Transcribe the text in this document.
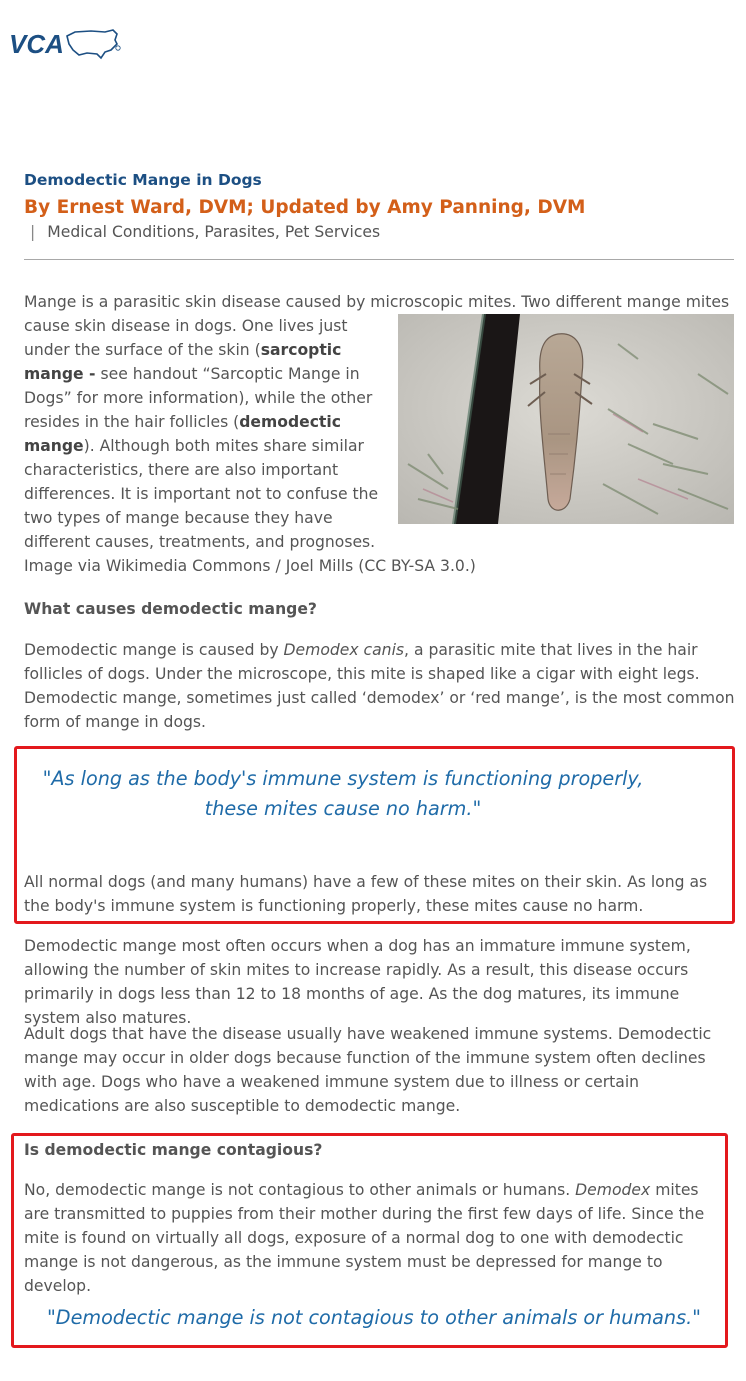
VCA
Demodectic Mange in Dogs
By Ernest Ward, DVM; Updated by Amy Panning, DVM
| Medical Conditions, Parasites, Pet Services
Mange is a parasitic skin disease caused by microscopic mites. Two different mange mites

cause skin disease in dogs. One lives just under the surface of the skin (sarcoptic mange - see handout “Sarcoptic Mange in Dogs” for more information), while the other resides in the hair follicles (demodectic mange). Although both mites share similar characteristics, there are also important differences. It is important not to confuse the two types of mange because they have different causes, treatments, and prognoses.

Image via Wikimedia Commons / Joel Mills (CC BY-SA 3.0.)
What causes demodectic mange?

Demodectic mange is caused by Demodex canis, a parasitic mite that lives in the hair follicles of dogs. Under the microscope, this mite is shaped like a cigar with eight legs. Demodectic mange, sometimes just called ‘demodex’ or ‘red mange’, is the most common form of mange in dogs.

"As long as the body's immune system is functioning properly, these mites cause no harm."

All normal dogs (and many humans) have a few of these mites on their skin. As long as the body's immune system is functioning properly, these mites cause no harm.

Demodectic mange most often occurs when a dog has an immature immune system, allowing the number of skin mites to increase rapidly. As a result, this disease occurs primarily in dogs less than 12 to 18 months of age. As the dog matures, its immune system also matures.

Adult dogs that have the disease usually have weakened immune systems. Demodectic mange may occur in older dogs because function of the immune system often declines with age. Dogs who have a weakened immune system due to illness or certain medications are also susceptible to demodectic mange.

Is demodectic mange contagious?

No, demodectic mange is not contagious to other animals or humans. Demodex mites are transmitted to puppies from their mother during the first few days of life. Since the mite is found on virtually all dogs, exposure of a normal dog to one with demodectic mange is not dangerous, as the immune system must be depressed for mange to develop.

"Demodectic mange is not contagious to other animals or humans."
